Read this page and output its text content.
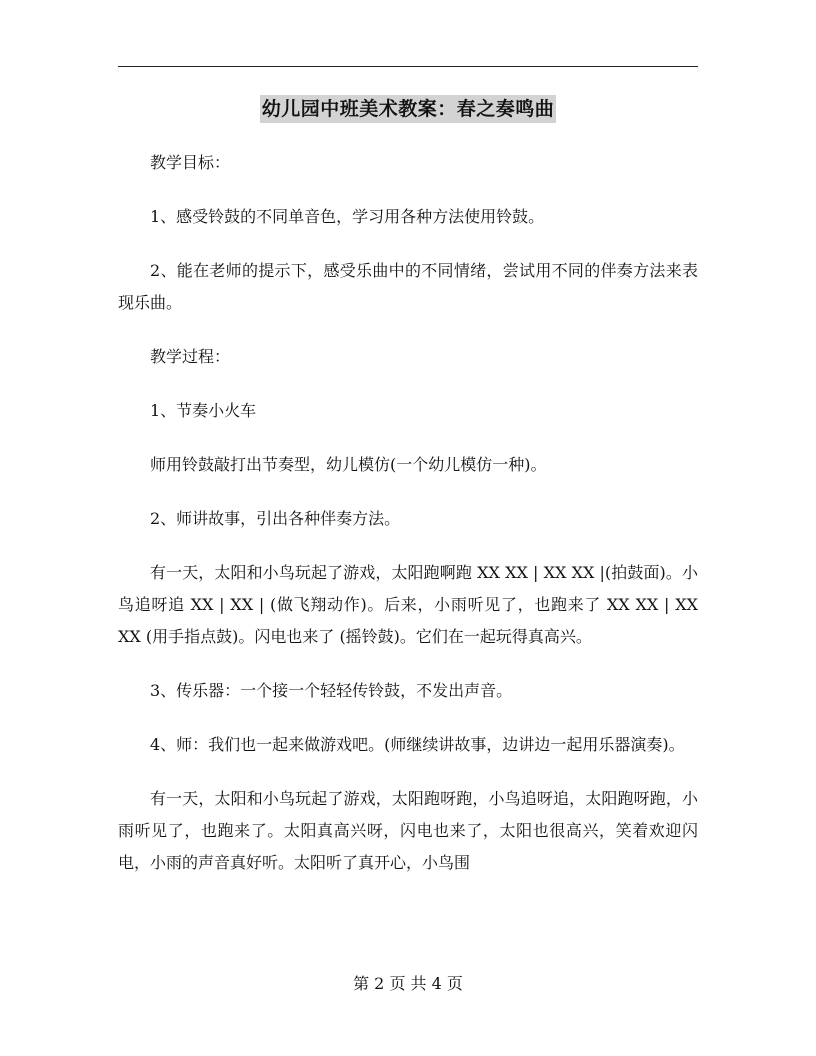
幼儿园中班美术教案：春之奏鸣曲

教学目标：

1、感受铃鼓的不同单音色，学习用各种方法使用铃鼓。

2、能在老师的提示下，感受乐曲中的不同情绪，尝试用不同的伴奏方法来表现乐曲。

教学过程：

1、节奏小火车

师用铃鼓敲打出节奏型，幼儿模仿(一个幼儿模仿一种)。

2、师讲故事，引出各种伴奏方法。

有一天，太阳和小鸟玩起了游戏，太阳跑啊跑 XX XX | XX XX |(拍鼓面)。小鸟追呀追 XX | XX | (做飞翔动作)。后来，小雨听见了，也跑来了 XX XX | XX XX (用手指点鼓)。闪电也来了 (摇铃鼓)。它们在一起玩得真高兴。

3、传乐器：一个接一个轻轻传铃鼓，不发出声音。

4、师：我们也一起来做游戏吧。(师继续讲故事，边讲边一起用乐器演奏)。

有一天，太阳和小鸟玩起了游戏，太阳跑呀跑，小鸟追呀追，太阳跑呀跑，小雨听见了，也跑来了。太阳真高兴呀，闪电也来了，太阳也很高兴，笑着欢迎闪电，小雨的声音真好听。太阳听了真开心，小鸟围

第 2 页 共 4 页
